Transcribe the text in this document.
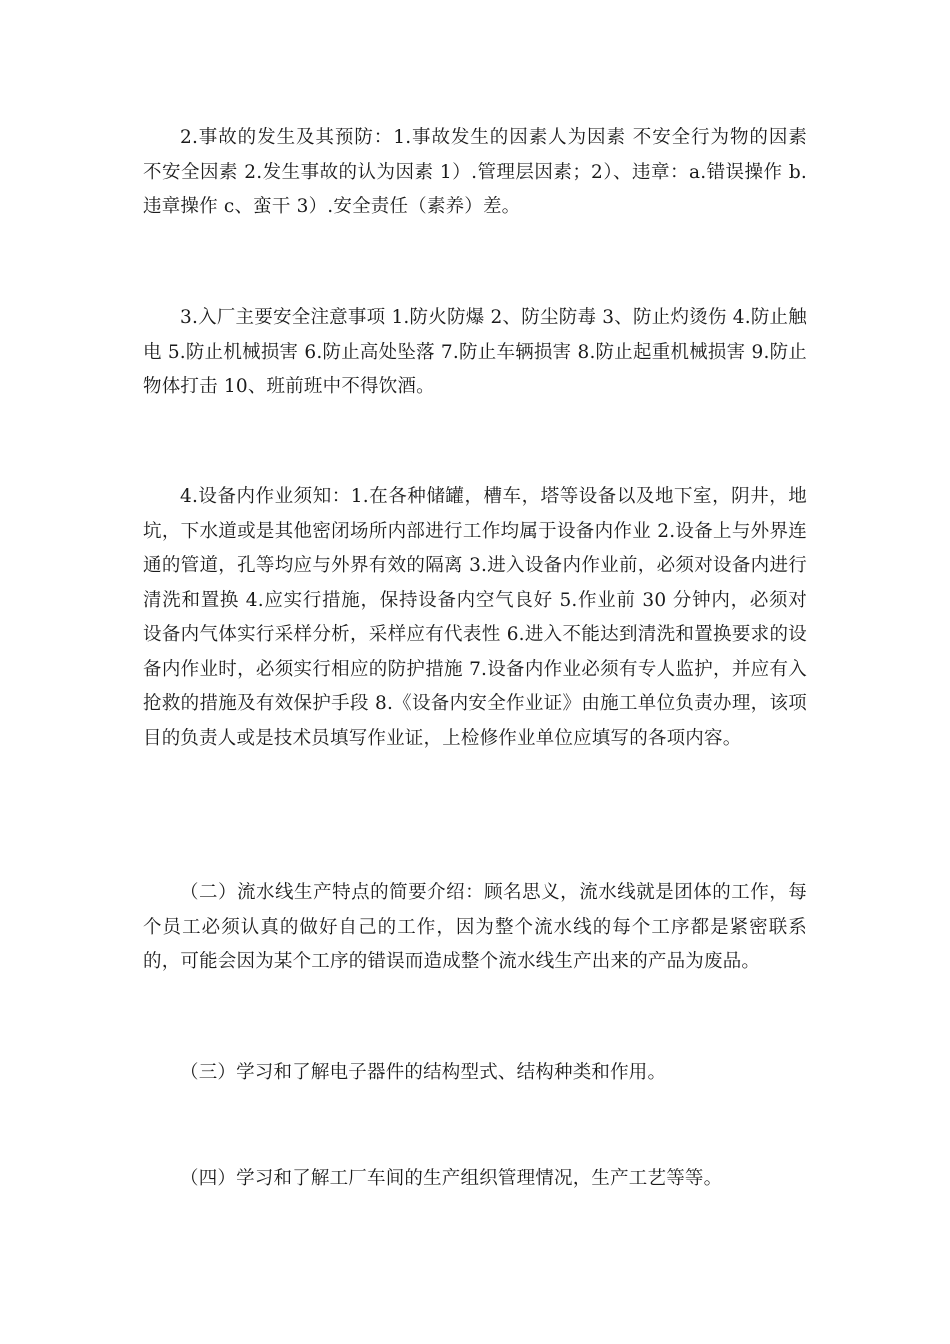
2.事故的发生及其预防：1.事故发生的因素人为因素 不安全行为物的因素 不安全因素 2.发生事故的认为因素 1）.管理层因素；2）、违章：a.错误操作 b.违章操作 c、蛮干 3）.安全责任（素养）差。

3.入厂主要安全注意事项 1.防火防爆 2、防尘防毒 3、防止灼烫伤 4.防止触电 5.防止机械损害 6.防止高处坠落 7.防止车辆损害 8.防止起重机械损害 9.防止物体打击 10、班前班中不得饮酒。

4.设备内作业须知：1.在各种储罐，槽车，塔等设备以及地下室，阴井，地坑，下水道或是其他密闭场所内部进行工作均属于设备内作业 2.设备上与外界连通的管道，孔等均应与外界有效的隔离 3.进入设备内作业前，必须对设备内进行清洗和置换 4.应实行措施，保持设备内空气良好 5.作业前 30 分钟内，必须对设备内气体实行采样分析，采样应有代表性 6.进入不能达到清洗和置换要求的设备内作业时，必须实行相应的防护措施 7.设备内作业必须有专人监护，并应有入抢救的措施及有效保护手段 8.《设备内安全作业证》由施工单位负责办理，该项目的负责人或是技术员填写作业证，上检修作业单位应填写的各项内容。

（二）流水线生产特点的简要介绍：顾名思义，流水线就是团体的工作，每个员工必须认真的做好自己的工作，因为整个流水线的每个工序都是紧密联系的，可能会因为某个工序的错误而造成整个流水线生产出来的产品为废品。

（三）学习和了解电子器件的结构型式、结构种类和作用。

（四）学习和了解工厂车间的生产组织管理情况，生产工艺等等。
